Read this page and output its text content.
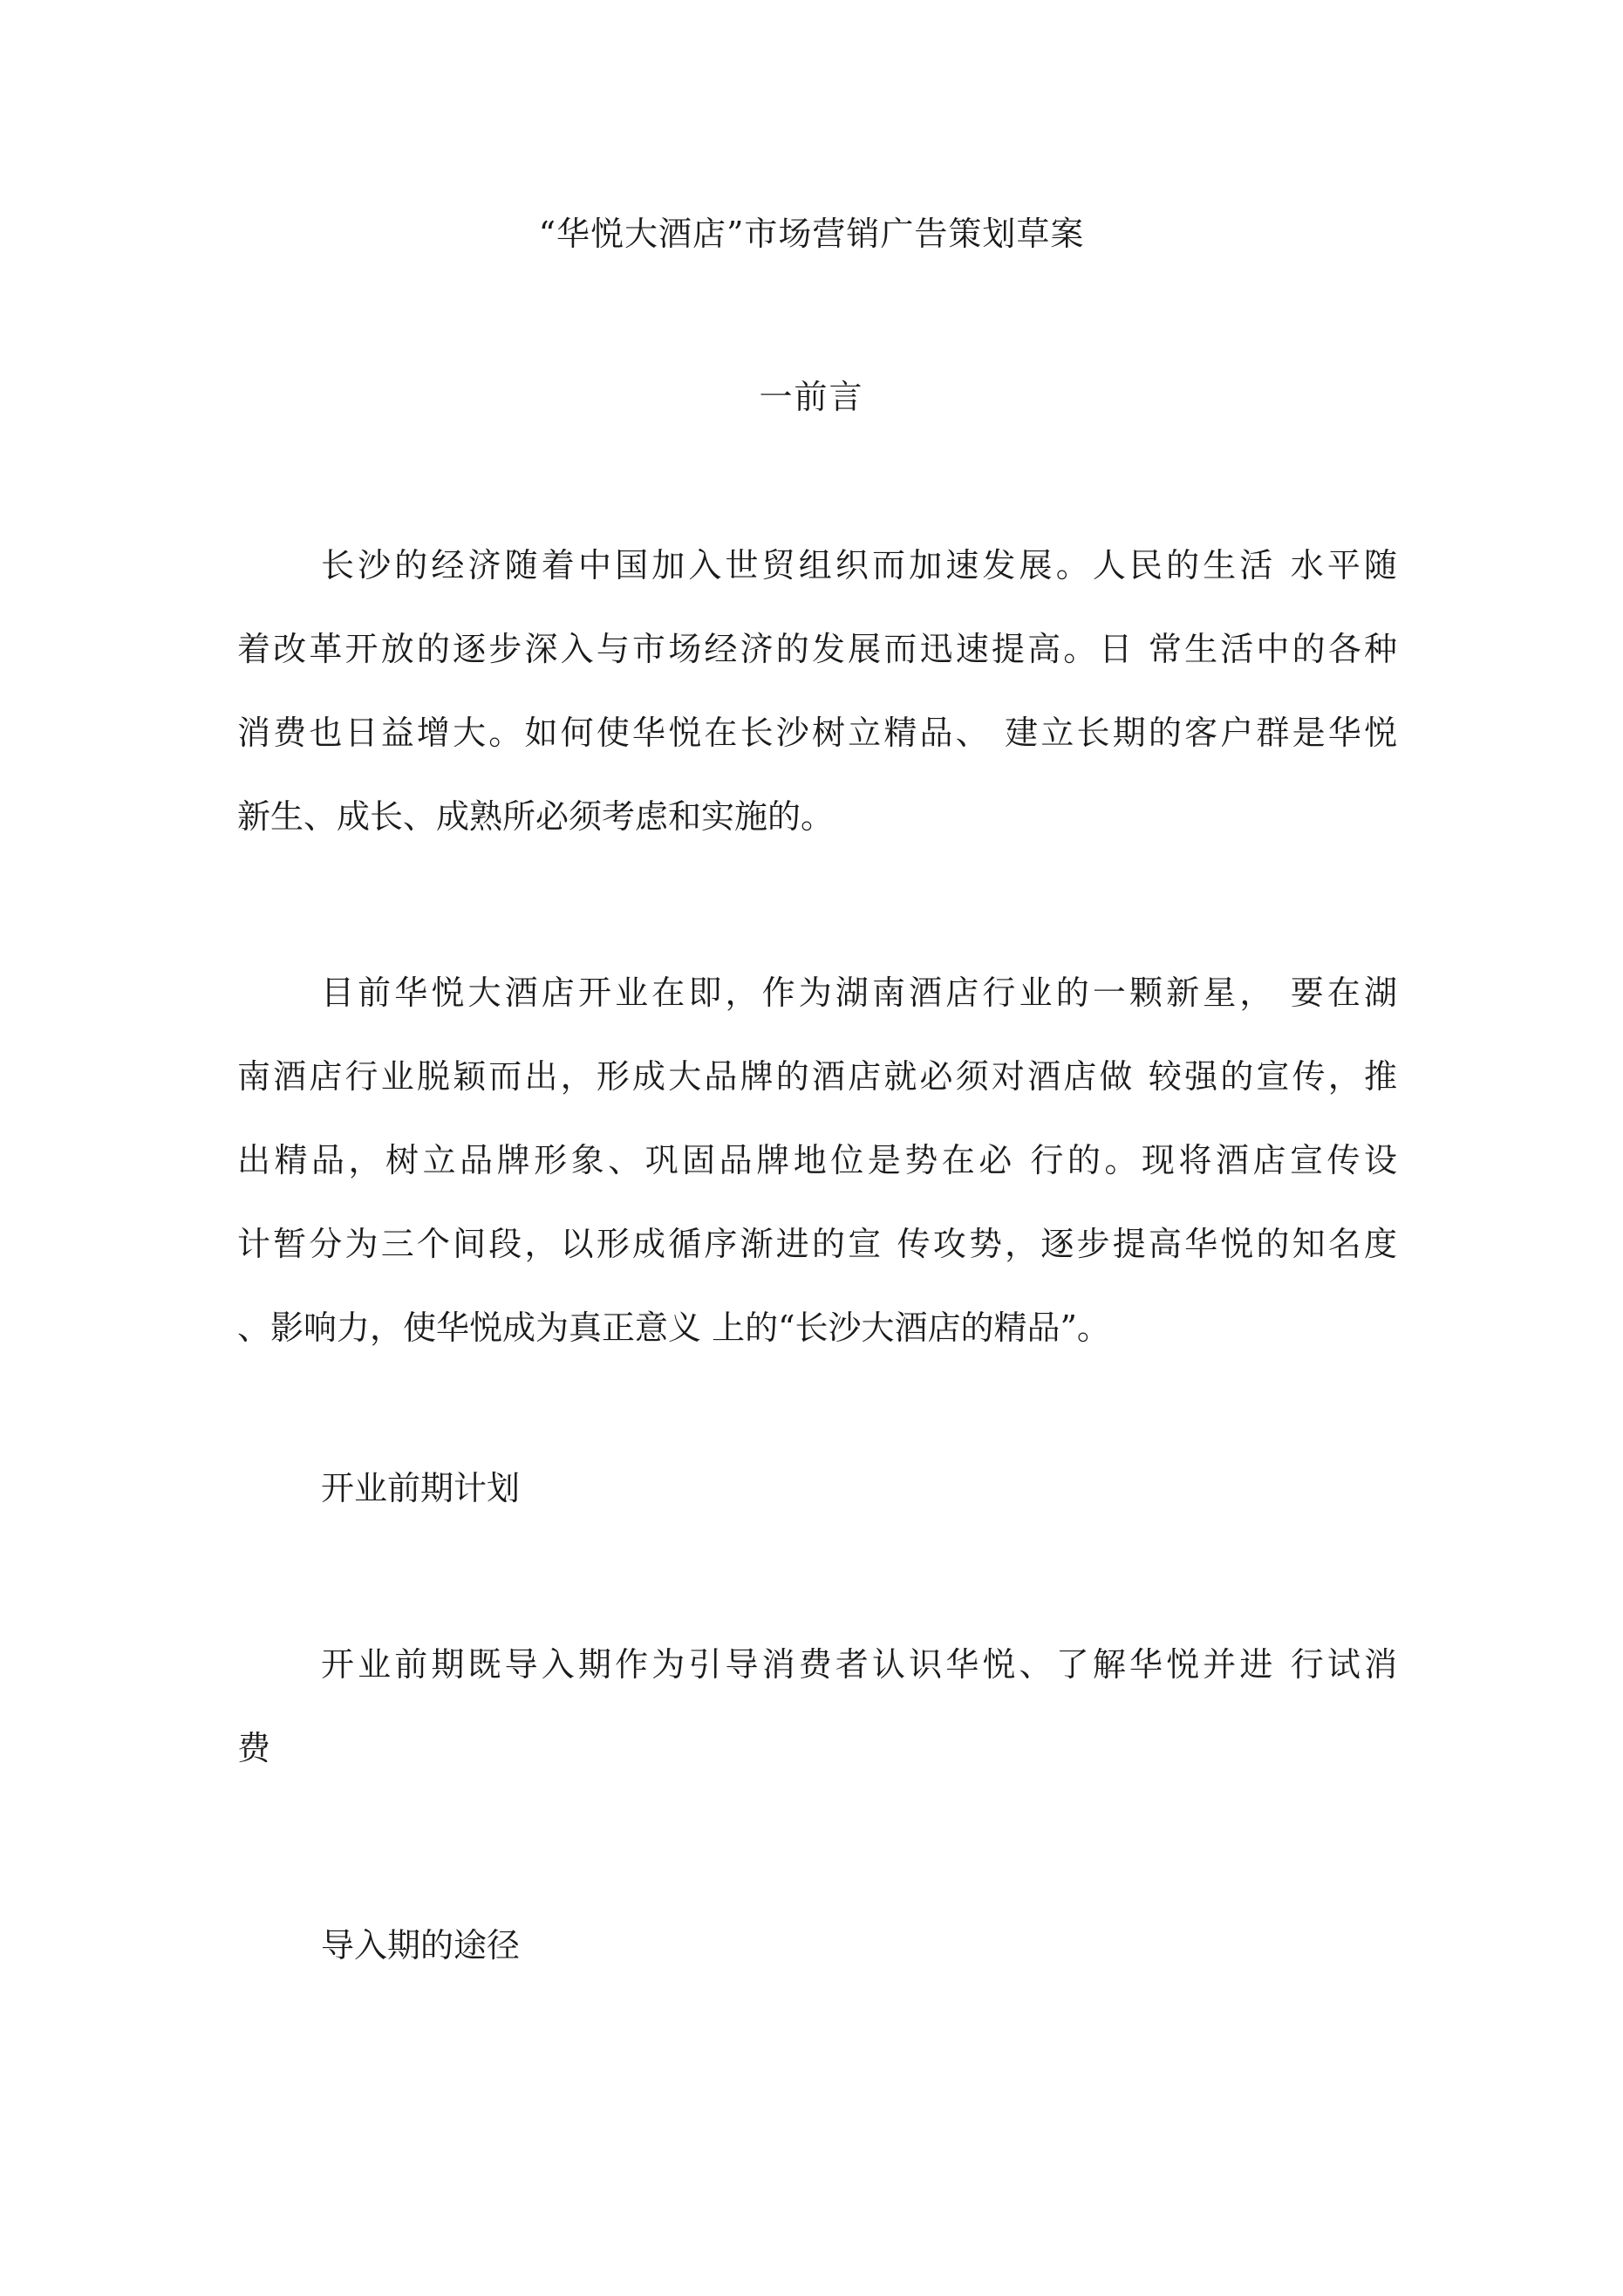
“华悦大酒店”市场营销广告策划草案
一前言
长沙的经济随着中国加入世贸组织而加速发展。人民的生活 水平随
着改革开放的逐步深入与市场经济的发展而迅速提高。日 常生活中的各种
消费也日益增大。如何使华悦在长沙树立精品、 建立长期的客户群是华悦
新生、成长、成熟所必须考虑和实施的。
目前华悦大酒店开业在即，作为湖南酒店行业的一颗新星， 要在湖
南酒店行业脱颖而出，形成大品牌的酒店就必须对酒店做 较强的宣传，推
出精品，树立品牌形象、巩固品牌地位是势在必 行的。现将酒店宣传设
计暂分为三个间段，以形成循序渐进的宣 传攻势，逐步提高华悦的知名度
、影响力，使华悦成为真正意义 上的“长沙大酒店的精品”。
开业前期计划
开业前期既导入期作为引导消费者认识华悦、了解华悦并进 行试消
费
导入期的途径
